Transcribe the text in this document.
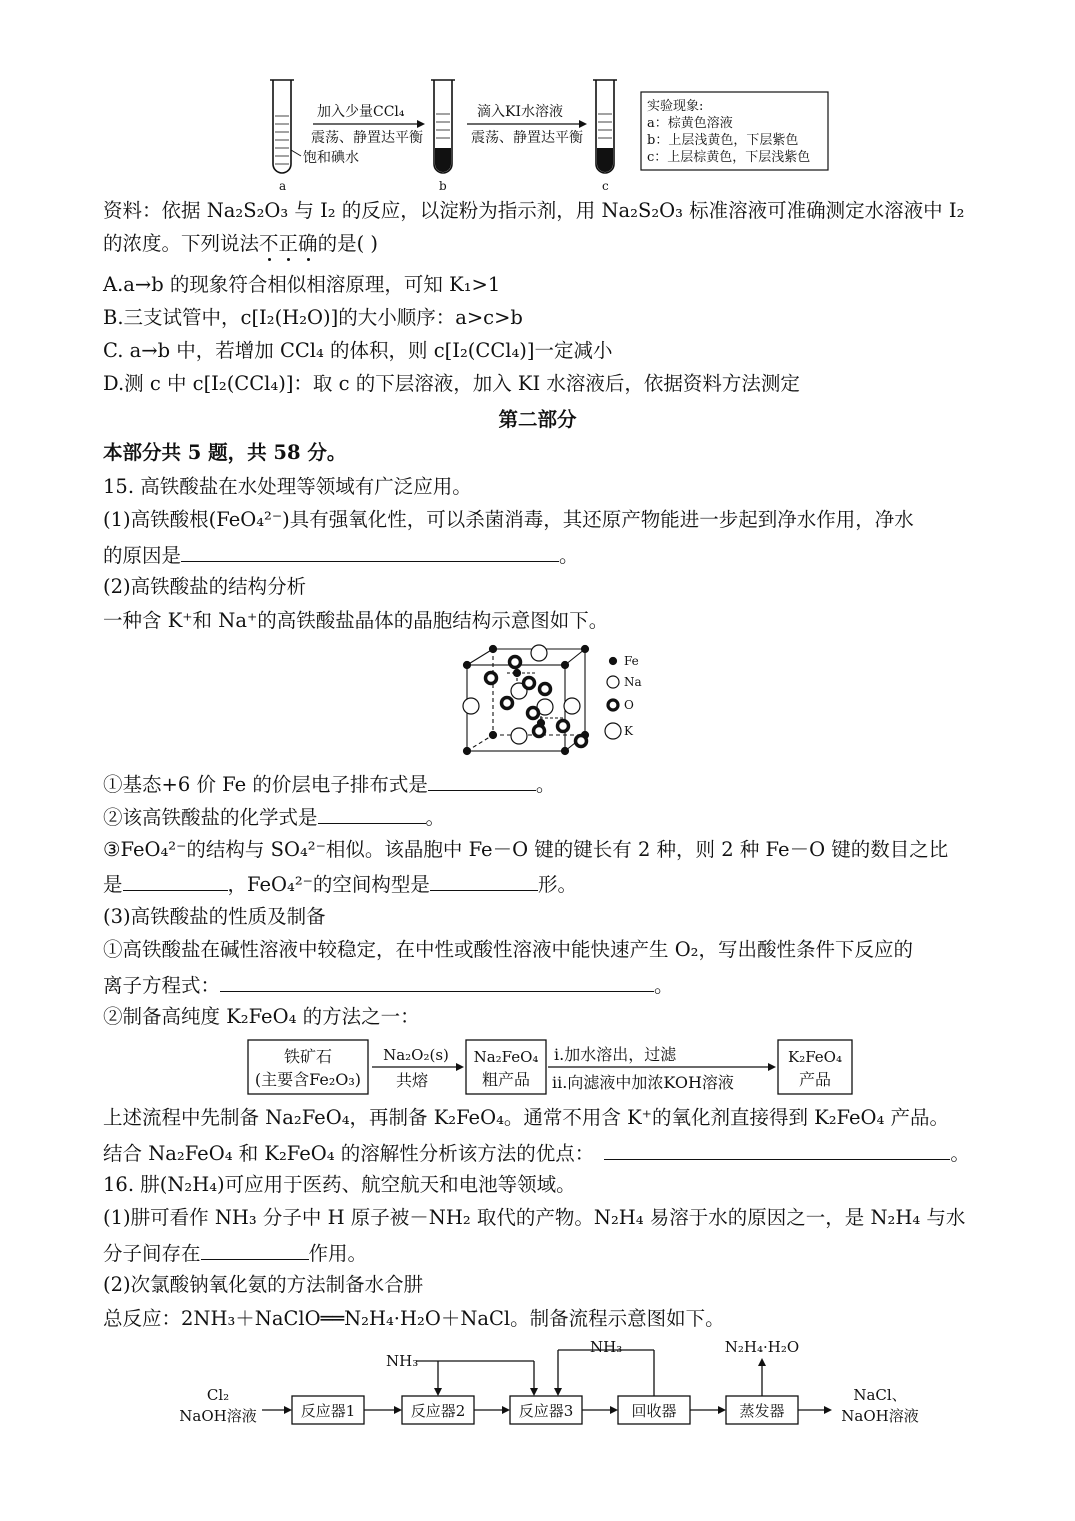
饱和碘水
a
加入少量CCl₄
震荡、静置达平衡
b
滴入KI水溶液
震荡、静置达平衡
c
实验现象:
a：棕黄色溶液
b：上层浅黄色，下层紫色
c：上层棕黄色，下层浅紫色
资料：依据 Na₂S₂O₃ 与 I₂ 的反应，以淀粉为指示剂，用 Na₂S₂O₃ 标准溶液可准确测定水溶液中 I₂
的浓度。下列说法不正确的是( )
A.a→b 的现象符合相似相溶原理，可知 K₁>1
B.三支试管中，c[I₂(H₂O)]的大小顺序：a>c>b
C. a→b 中，若增加 CCl₄ 的体积，则 c[I₂(CCl₄)]一定减小
D.测 c 中 c[I₂(CCl₄)]：取 c 的下层溶液，加入 KI 水溶液后，依据资料方法测定
第二部分
本部分共 5 题，共 58 分。
15. 高铁酸盐在水处理等领域有广泛应用。
(1)高铁酸根(FeO₄²⁻)具有强氧化性，可以杀菌消毒，其还原产物能进一步起到净水作用，净水
的原因是	。
(2)高铁酸盐的结构分析
一种含 K⁺和 Na⁺的高铁酸盐晶体的晶胞结构示意图如下。
Fe
Na
O
K
①基态+6 价 Fe 的价层电子排布式是	。
②该高铁酸盐的化学式是	。
③FeO₄²⁻的结构与 SO₄²⁻相似。该晶胞中 Fe－O 键的键长有 2 种，则 2 种 Fe－O 键的数目之比
是	，FeO₄²⁻的空间构型是	形。
(3)高铁酸盐的性质及制备
①高铁酸盐在碱性溶液中较稳定，在中性或酸性溶液中能快速产生 O₂，写出酸性条件下反应的
离子方程式：	。
②制备高纯度 K₂FeO₄ 的方法之一：
铁矿石
(主要含Fe₂O₃)
Na₂O₂(s)
共熔
Na₂FeO₄
粗产品
i.加水溶出，过滤
ii.向滤液中加浓KOH溶液
K₂FeO₄
产品
上述流程中先制备 Na₂FeO₄，再制备 K₂FeO₄。通常不用含 K⁺的氧化剂直接得到 K₂FeO₄ 产品。
结合 Na₂FeO₄ 和 K₂FeO₄ 的溶解性分析该方法的优点：	。
16. 肼(N₂H₄)可应用于医药、航空航天和电池等领域。
(1)肼可看作 NH₃ 分子中 H 原子被－NH₂ 取代的产物。N₂H₄ 易溶于水的原因之一，是 N₂H₄ 与水
分子间存在	作用。
(2)次氯酸钠氧化氨的方法制备水合肼
总反应：2NH₃＋NaClO══N₂H₄·H₂O＋NaCl。制备流程示意图如下。
Cl₂
NaOH溶液	反应器1	反应器2	反应器3	回收器	蒸发器
NaCl、
NaOH溶液
NH₃
NH₃	N₂H₄·H₂O
